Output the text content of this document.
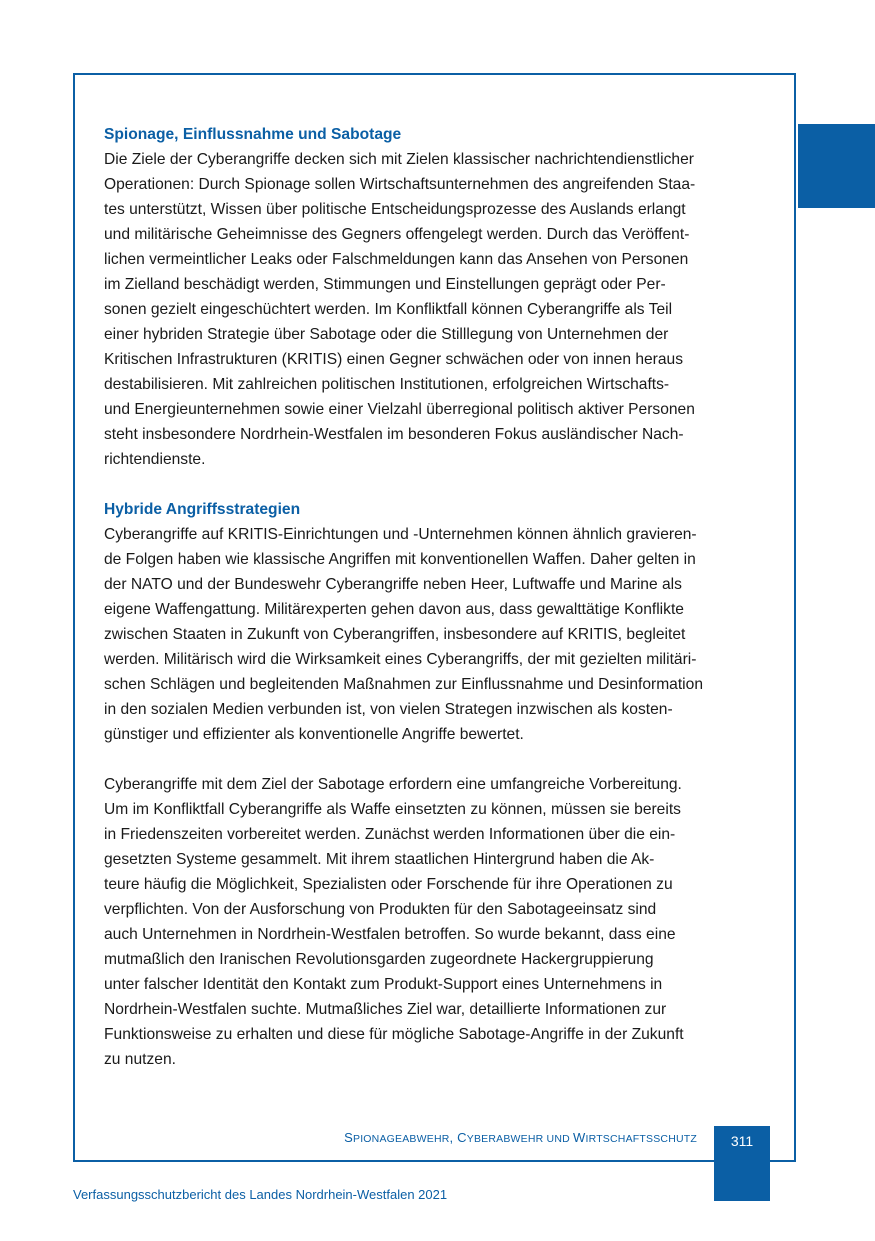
Spionage, Einflussnahme und Sabotage

Die Ziele der Cyberangriffe decken sich mit Zielen klassischer nachrichtendienstlicher
Operationen: Durch Spionage sollen Wirtschaftsunternehmen des angreifenden Staa-
tes unterstützt, Wissen über politische Entscheidungsprozesse des Auslands erlangt
und militärische Geheimnisse des Gegners offengelegt werden. Durch das Veröffent-
lichen vermeintlicher Leaks oder Falschmeldungen kann das Ansehen von Personen
im Zielland beschädigt werden, Stimmungen und Einstellungen geprägt oder Per-
sonen gezielt eingeschüchtert werden. Im Konfliktfall können Cyberangriffe als Teil
einer hybriden Strategie über Sabotage oder die Stilllegung von Unternehmen der
Kritischen Infrastrukturen (KRITIS) einen Gegner schwächen oder von innen heraus
destabilisieren. Mit zahlreichen politischen Institutionen, erfolgreichen Wirtschafts-
und Energieunternehmen sowie einer Vielzahl überregional politisch aktiver Personen
steht insbesondere Nordrhein-Westfalen im besonderen Fokus ausländischer Nach-
richtendienste.

Hybride Angriffsstrategien

Cyberangriffe auf KRITIS-Einrichtungen und -Unternehmen können ähnlich gravieren-
de Folgen haben wie klassische Angriffen mit konventionellen Waffen. Daher gelten in
der NATO und der Bundeswehr Cyberangriffe neben Heer, Luftwaffe und Marine als
eigene Waffengattung. Militärexperten gehen davon aus, dass gewalttätige Konflikte
zwischen Staaten in Zukunft von Cyberangriffen, insbesondere auf KRITIS, begleitet
werden. Militärisch wird die Wirksamkeit eines Cyberangriffs, der mit gezielten militäri-
schen Schlägen und begleitenden Maßnahmen zur Einflussnahme und Desinformation
in den sozialen Medien verbunden ist, von vielen Strategen inzwischen als kosten-
günstiger und effizienter als konventionelle Angriffe bewertet.

Cyberangriffe mit dem Ziel der Sabotage erfordern eine umfangreiche Vorbereitung.
Um im Konfliktfall Cyberangriffe als Waffe einsetzten zu können, müssen sie bereits
in Friedenszeiten vorbereitet werden. Zunächst werden Informationen über die ein-
gesetzten Systeme gesammelt. Mit ihrem staatlichen Hintergrund haben die Ak-
teure häufig die Möglichkeit, Spezialisten oder Forschende für ihre Operationen zu
verpflichten. Von der Ausforschung von Produkten für den Sabotageeinsatz sind
auch Unternehmen in Nordrhein-Westfalen betroffen. So wurde bekannt, dass eine
mutmaßlich den Iranischen Revolutionsgarden zugeordnete Hackergruppierung
unter falscher Identität den Kontakt zum Produkt-Support eines Unternehmens in
Nordrhein-Westfalen suchte. Mutmaßliches Ziel war, detaillierte Informationen zur
Funktionsweise zu erhalten und diese für mögliche Sabotage-Angriffe in der Zukunft
zu nutzen.

SPIONAGEABWEHR, CYBERABWEHR UND WIRTSCHAFTSSCHUTZ	311
Verfassungsschutzbericht des Landes Nordrhein-Westfalen 2021
